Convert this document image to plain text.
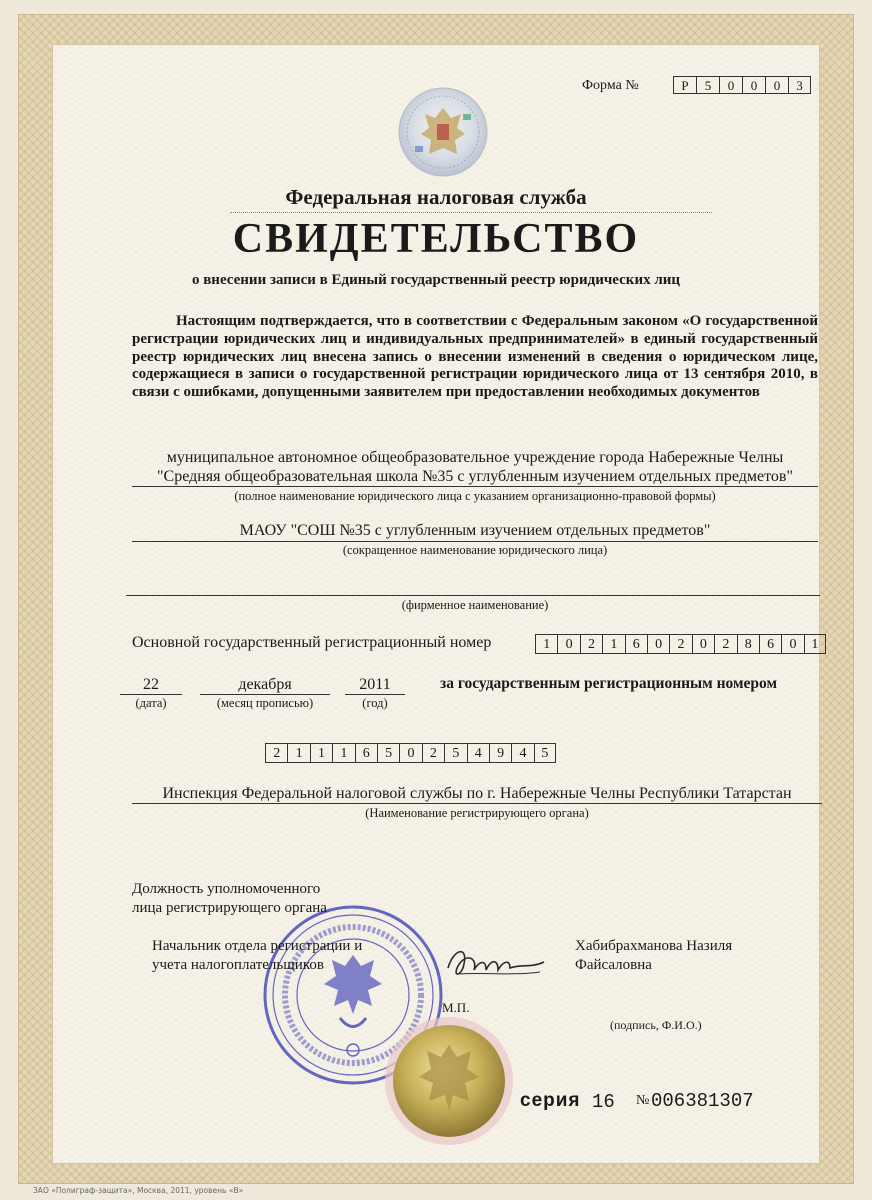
Форма №	Р	5	0	0	0	3
Федеральная налоговая служба
СВИДЕТЕЛЬСТВО
о внесении записи в Единый государственный реестр юридических лиц
Настоящим подтверждается, что в соответствии с Федеральным законом «О государственной регистрации юридических лиц и индивидуальных предпринимателей» в единый государственный реестр юридических лиц внесена запись о внесении изменений в сведения о юридическом лице, содержащиеся в записи о государственной регистрации юридического лица от 13 сентября 2010, в связи с ошибками, допущенными заявителем при предоставлении необходимых документов
муниципальное автономное общеобразовательное учреждение города Набережные Челны
"Средняя общеобразовательная школа №35 с углубленным изучением отдельных предметов"
(полное наименование юридического лица с указанием организационно-правовой формы)
МАОУ "СОШ №35 с углубленным изучением отдельных предметов"
(сокращенное наименование юридического лица)
(фирменное наименование)
Основной государственный регистрационный номер	1	0	2	1	6	0	2	0	2	8	6	0	1
22	декабря	2011
(дата)	(месяц прописью)	(год)
за государственным регистрационным номером
2	1	1	1	6	5	0	2	5	4	9	4	5
Инспекция Федеральной налоговой службы по г. Набережные Челны Республики Татарстан
(Наименование регистрирующего органа)
Должность уполномоченного
лица регистрирующего органа
Начальник отдела регистрации и
учета налогоплательщиков
Хабибрахманова Назиля
Файсаловна
М.П.
(подпись, Ф.И.О.)
серия 16 № 006381307
ЗАО «Полиграф-защита», Москва, 2011, уровень «В»
